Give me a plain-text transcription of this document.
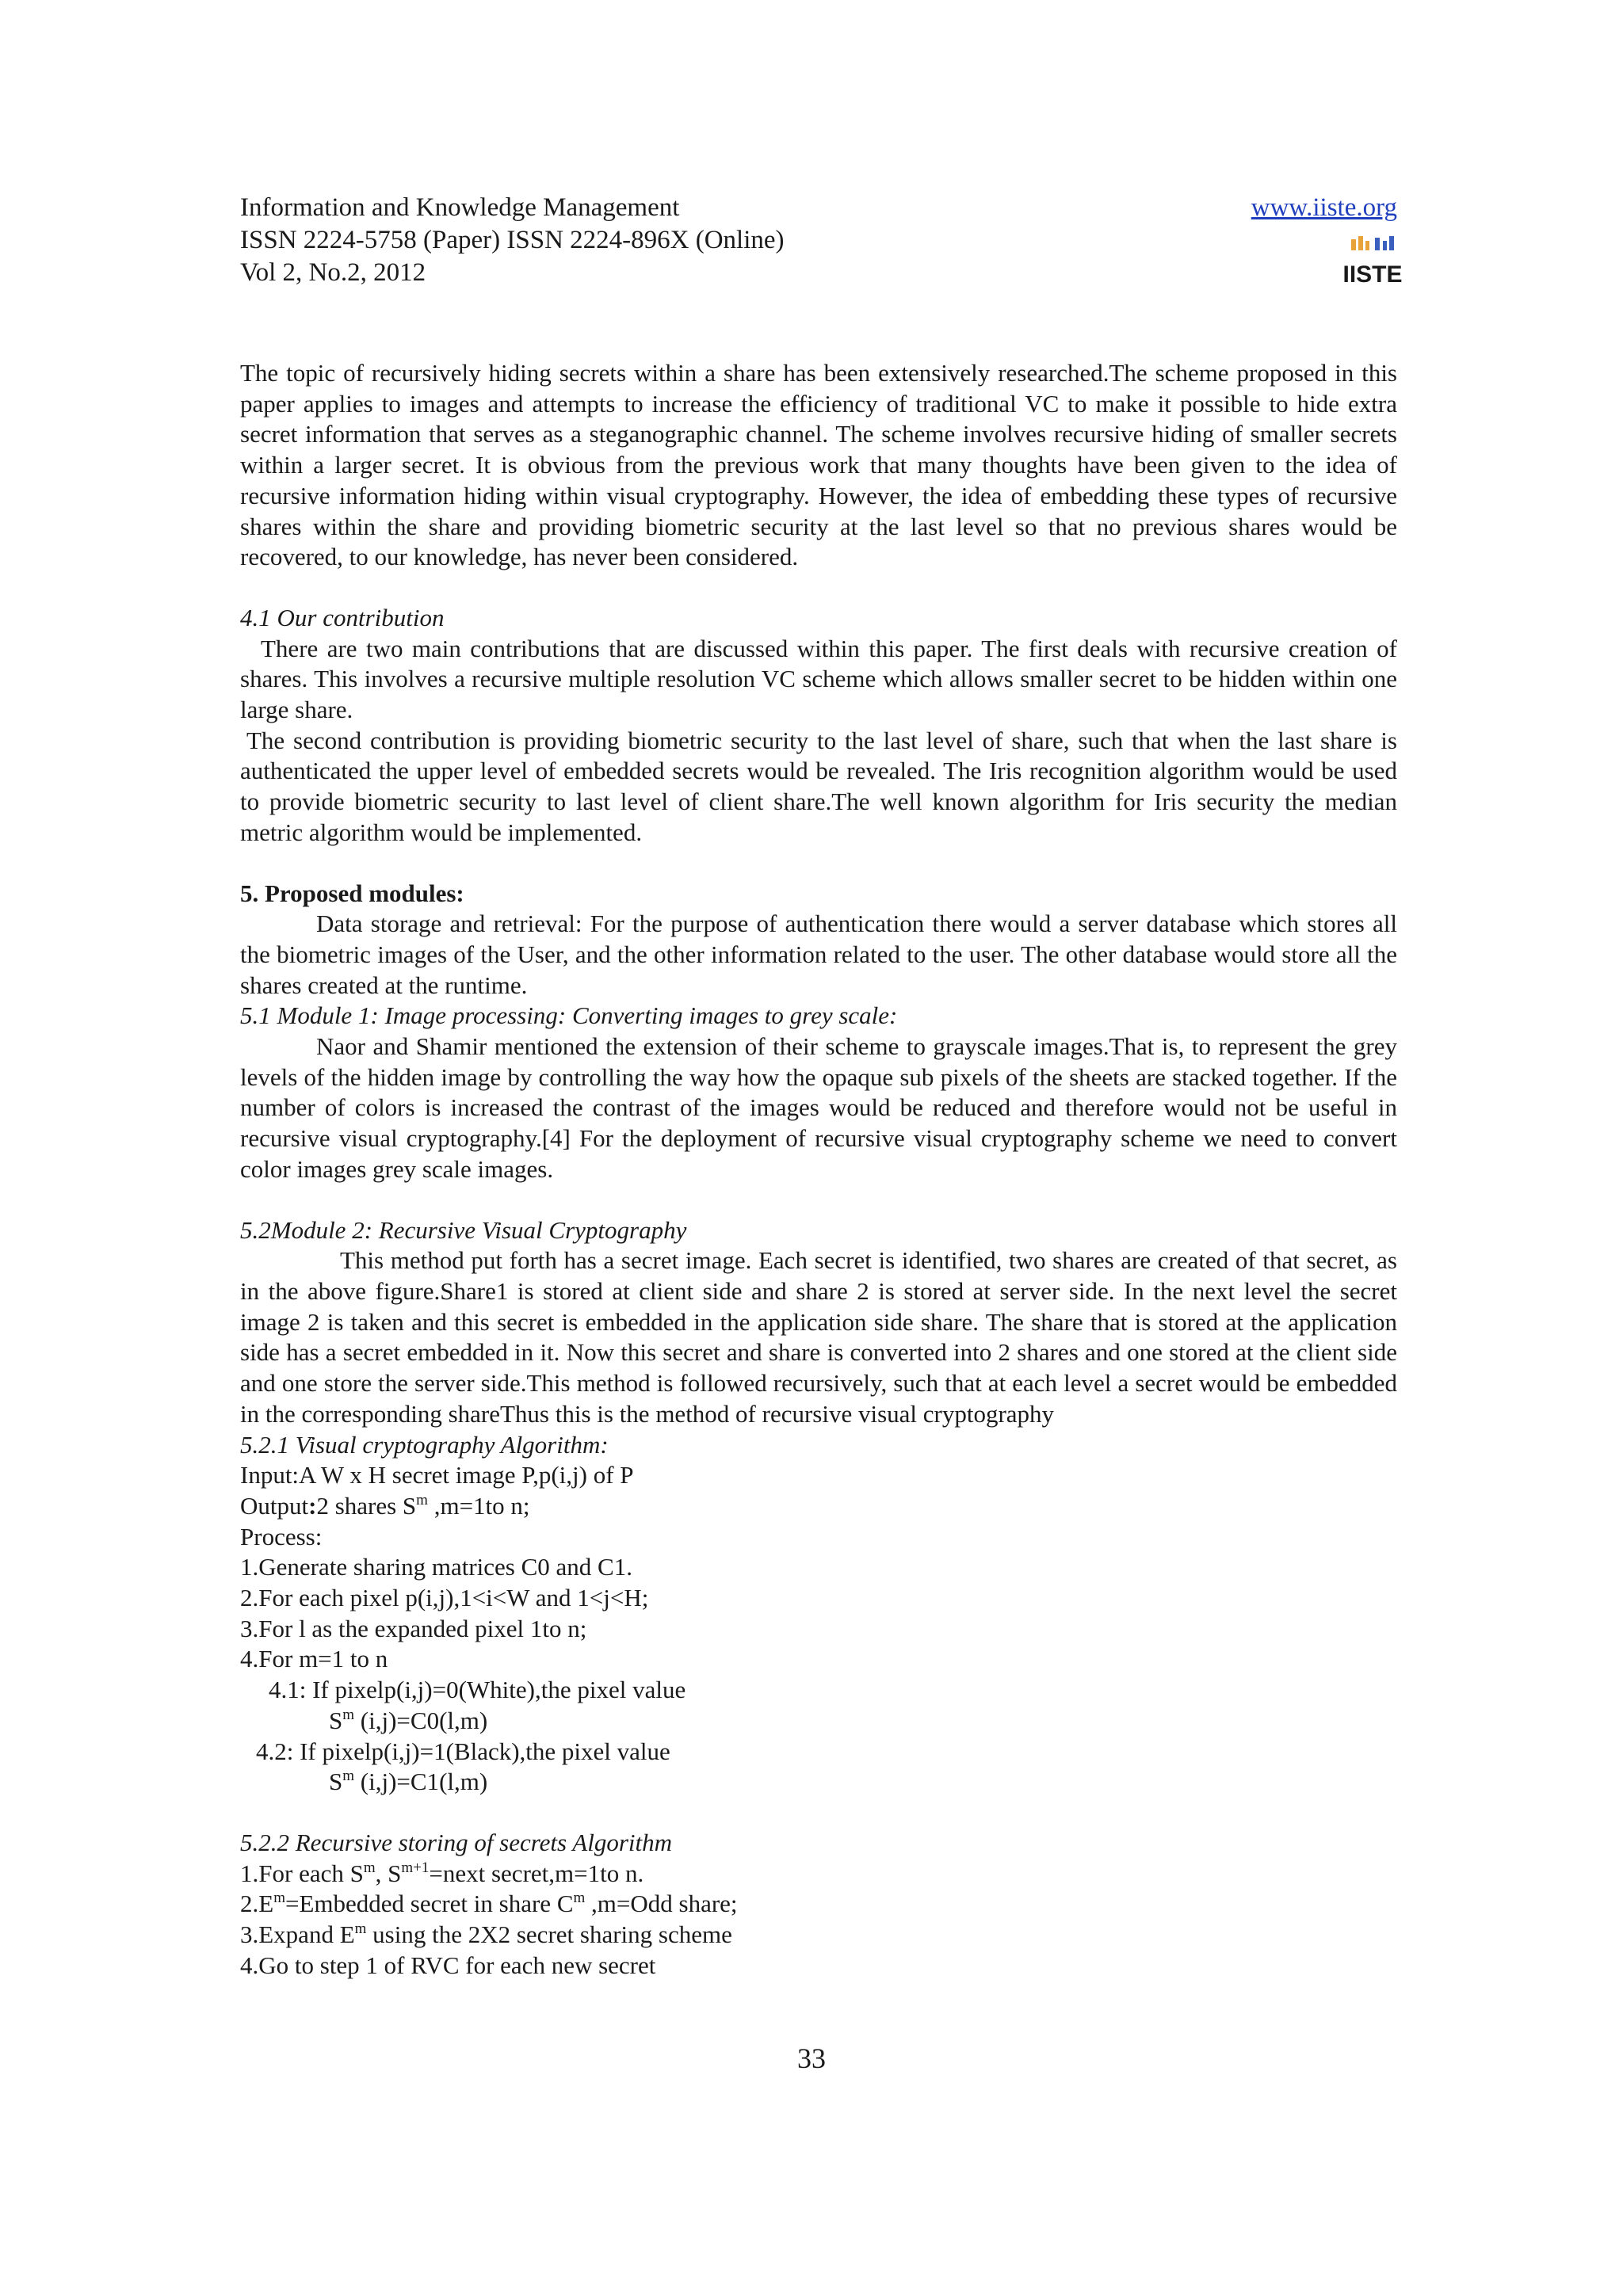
Information and Knowledge Management
ISSN 2224-5758 (Paper) ISSN 2224-896X (Online)
Vol 2, No.2, 2012
www.iiste.org
IISTE

The topic of recursively hiding secrets within a share has been extensively researched.The scheme proposed in this paper applies to images and attempts to increase the efficiency of traditional VC to make it possible to hide extra secret information that serves as a steganographic channel. The scheme involves recursive hiding of smaller secrets within a larger secret. It is obvious from the previous work that many thoughts have been given to the idea of recursive information hiding within visual cryptography. However, the idea of embedding these types of recursive shares within the share and providing biometric security at the last level so that no previous shares would be recovered, to our knowledge, has never been considered.

4.1 Our contribution

There are two main contributions that are discussed within this paper. The first deals with recursive creation of shares. This involves a recursive multiple resolution VC scheme which allows smaller secret to be hidden within one large share.

The second contribution is providing biometric security to the last level of share, such that when the last share is authenticated the upper level of embedded secrets would be revealed. The Iris recognition algorithm would be used to provide biometric security to last level of client share.The well known algorithm for Iris security the median metric algorithm would be implemented.

5. Proposed modules:

Data storage and retrieval: For the purpose of authentication there would a server database which stores all the biometric images of the User, and the other information related to the user. The other database would store all the shares created at the runtime.

5.1 Module 1: Image processing: Converting images to grey scale:

Naor and Shamir mentioned the extension of their scheme to grayscale images.That is, to represent the grey levels of the hidden image by controlling the way how the opaque sub pixels of the sheets are stacked together. If the number of colors is increased the contrast of the images would be reduced and therefore would not be useful in recursive visual cryptography.[4] For the deployment of recursive visual cryptography scheme we need to convert color images grey scale images.

5.2Module 2: Recursive Visual Cryptography

This method put forth has a secret image. Each secret is identified, two shares are created of that secret, as in the above figure.Share1 is stored at client side and share 2 is stored at server side. In the next level the secret image 2 is taken and this secret is embedded in the application side share. The share that is stored at the application side has a secret embedded in it. Now this secret and share is converted into 2 shares and one stored at the client side and one store the server side.This method is followed recursively, such that at each level a secret would be embedded in the corresponding shareThus this is the method of recursive visual cryptography

5.2.1 Visual cryptography Algorithm:

Input:A W x H secret image P,p(i,j) of P

Output:2 shares $S^m$ ,m=1to n;

Process:

1.Generate sharing matrices C0 and C1.

2.For each pixel p(i,j),1<i<W and 1<j<H;

3.For l as the expanded pixel 1to n;

4.For m=1 to n

4.1: If pixelp(i,j)=0(White),the pixel value

$S^m$ (i,j)=C0(l,m)

4.2: If pixelp(i,j)=1(Black),the pixel value

$S^m$ (i,j)=C1(l,m)

5.2.2 Recursive storing of secrets Algorithm

1.For each $S^m$, $S^{m+1}=next$ secret,m=1to n.

$2.E^m=Embedded$ secret in share $C^m$ ,m=Odd share;

3.Expand $E^m$ using the 2X2 secret sharing scheme

4.Go to step 1 of RVC for each new secret

33
